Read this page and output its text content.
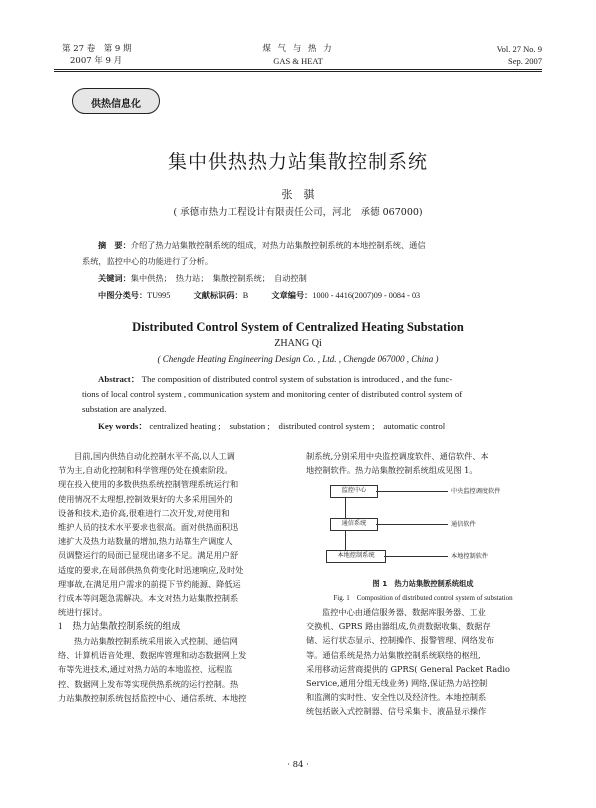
第 27 卷　第 9 期
2007 年 9 月
煤 气 与 热 力
GAS & HEAT
Vol. 27 No. 9
Sep. 2007
供热信息化
集中供热热力站集散控制系统
张　骐
( 承德市热力工程设计有限责任公司，河北　承德 067000)
摘　要：介绍了热力站集散控制系统的组成，对热力站集散控制系统的本地控制系统、通信
系统，监控中心的功能进行了分析。
关键词：集中供热；　热力站；　集散控制系统；　自动控制
中图分类号：TU995	文献标识码：B	文章编号：1000 - 4416(2007)09 - 0084 - 03
Distributed Control System of Centralized Heating Substation
ZHANG Qi
( Chengde Heating Engineering Design Co. , Ltd. , Chengde 067000 , China )
Abstract： The composition of distributed control system of substation is introduced , and the func-
tions of local control system , communication system and monitoring center of distributed control system of
substation are analyzed.
Key words： centralized heating ;　substation ;　distributed control system ;　automatic control
目前,国内供热自动化控制水平不高,以人工调
节为主,自动化控制和科学管理仍处在摸索阶段。
现在投入使用的多数供热系统控制管理系统运行和
使用情况不太理想,控制效果好的大多采用国外的
设备和技术,造价高,很难进行二次开发,对使用和
维护人员的技术水平要求也很高。面对供热面积迅
速扩大及热力站数量的增加,热力站靠生产调度人
员调整运行的局面已显现出诸多不足。满足用户舒
适度的要求,在局部供热负荷变化时迅速响应,及时处
理事故,在满足用户需求的前提下节约能源、降低运
行成本等问题急需解决。本文对热力站集散控制系
统进行探讨。
1 热力站集散控制系统的组成
热力站集散控制系统采用嵌入式控制、通信网
络、计算机语音处理、数据库管理和动态数据网上发
布等先进技术,通过对热力站的本地监控、远程监
控、数据网上发布等实现供热系统的运行控制。热
力站集散控制系统包括监控中心、通信系统、本地控
制系统,分别采用中央监控调度软件、通信软件、本
地控制软件。热力站集散控制系统组成见图 1。
监控中心
通信系统
本地控制系统
中央监控调度软件
通信软件
本地控制软件
图 1　热力站集散控制系统组成
Fig. 1　Composition of distributed control system of substation
监控中心由通信服务器、数据库服务器、工业
交换机、GPRS 路由器组成,负责数据收集、数据存
储、运行状态显示、控制操作、报警管理、网络发布
等。通信系统是热力站集散控制系统联络的枢纽,
采用移动运营商提供的 GPRS( General Packet Radio
Service,通用分组无线业务) 网络,保证热力站控制
和监测的实时性、安全性以及经济性。本地控制系
统包括嵌入式控制器、信号采集卡、液晶显示操作
· 84 ·
